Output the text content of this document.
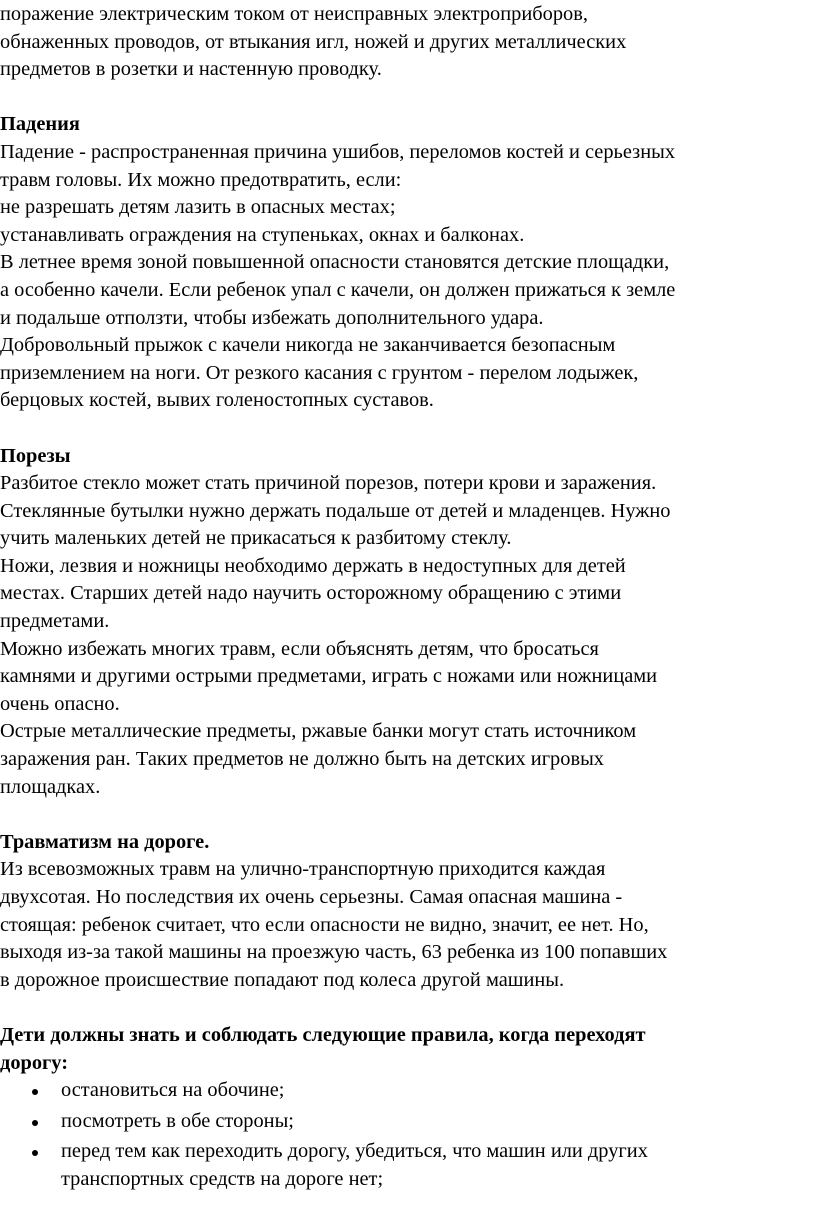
поражение электрическим током от неисправных электроприборов,
обнаженных проводов, от втыкания игл, ножей и других металлических
предметов в розетки и настенную проводку.
Падения
Падение - распространенная причина ушибов, переломов костей и серьезных
травм головы. Их можно предотвратить, если:
не разрешать детям лазить в опасных местах;
устанавливать ограждения на ступеньках, окнах и балконах.
В летнее время зоной повышенной опасности становятся детские площадки,
а особенно качели. Если ребенок упал с качели, он должен прижаться к земле
и подальше отползти, чтобы избежать дополнительного удара.
Добровольный прыжок с качели никогда не заканчивается безопасным
приземлением на ноги. От резкого касания с грунтом - перелом лодыжек,
берцовых костей, вывих голеностопных суставов.
Порезы
Разбитое стекло может стать причиной порезов, потери крови и заражения.
Стеклянные бутылки нужно держать подальше от детей и младенцев. Нужно
учить маленьких детей не прикасаться к разбитому стеклу.
Ножи, лезвия и ножницы необходимо держать в недоступных для детей
местах. Старших детей надо научить осторожному обращению с этими
предметами.
Можно избежать многих травм, если объяснять детям, что бросаться
камнями и другими острыми предметами, играть с ножами или ножницами
очень опасно.
Острые металлические предметы, ржавые банки могут стать источником
заражения ран. Таких предметов не должно быть на детских игровых
площадках.
Травматизм на дороге.
Из всевозможных травм на улично-транспортную приходится каждая
двухсотая. Но последствия их очень серьезны. Самая опасная машина -
стоящая: ребенок считает, что если опасности не видно, значит, ее нет. Но,
выходя из-за такой машины на проезжую часть, 63 ребенка из 100 попавших
в дорожное происшествие попадают под колеса другой машины.
Дети должны знать и соблюдать следующие правила, когда переходят
дорогу:
остановиться на обочине;
посмотреть в обе стороны;
перед тем как переходить дорогу, убедиться, что машин или других
транспортных средств на дороге нет;
